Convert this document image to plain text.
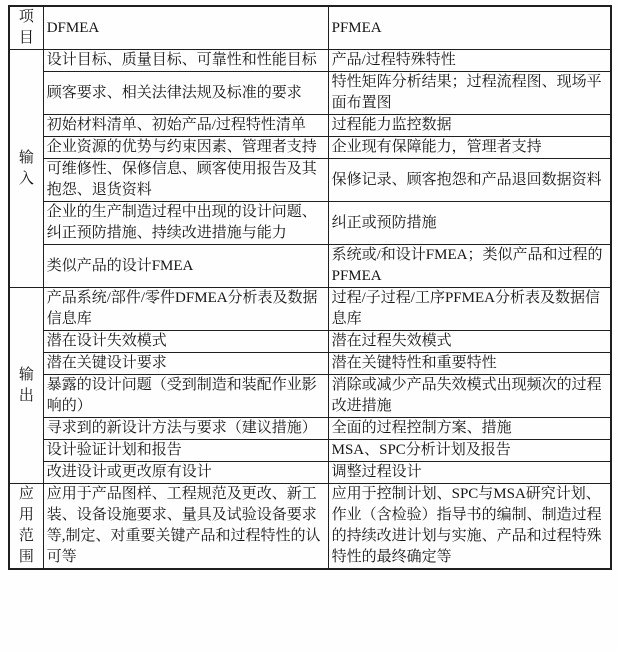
项目	DFMEA	PFMEA
输入	设计目标、质量目标、可靠性和性能目标	产品/过程特殊特性
	顾客要求、相关法律法规及标准的要求	特性矩阵分析结果；过程流程图、现场平面布置图
	初始材料清单、初始产品/过程特性清单	过程能力监控数据
	企业资源的优势与约束因素、管理者支持	企业现有保障能力，管理者支持
	可维修性、保修信息、顾客使用报告及其抱怨、退货资料	保修记录、顾客抱怨和产品退回数据资料
	企业的生产制造过程中出现的设计问题、纠正预防措施、持续改进措施与能力	纠正或预防措施
	类似产品的设计FMEA	系统或/和设计FMEA；类似产品和过程的PFMEA
输出	产品系统/部件/零件DFMEA分析表及数据信息库	过程/子过程/工序PFMEA分析表及数据信息库
	潜在设计失效模式	潜在过程失效模式
	潜在关键设计要求	潜在关键特性和重要特性
	暴露的设计问题（受到制造和装配作业影响的）	消除或减少产品失效模式出现频次的过程改进措施
	寻求到的新设计方法与要求（建议措施）	全面的过程控制方案、措施
	设计验证计划和报告	MSA、SPC分析计划及报告
	改进设计或更改原有设计	调整过程设计
应用范围	应用于产品图样、工程规范及更改、新工装、设备设施要求、量具及试验设备要求等,制定、对重要关键产品和过程特性的认可等	应用于控制计划、SPC与MSA研究计划、作业（含检验）指导书的编制、制造过程的持续改进计划与实施、产品和过程特殊特性的最终确定等
